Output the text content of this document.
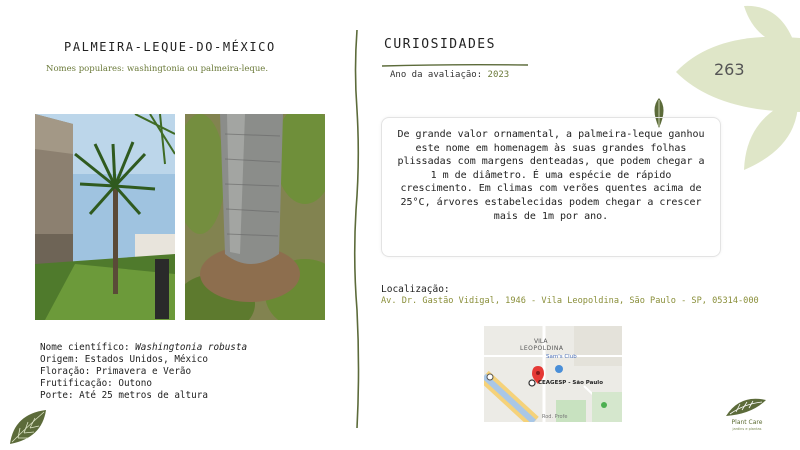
PALMEIRA-LEQUE-DO-MÉXICO
Nomes populares: washingtonia ou palmeira-leque.
Nome científico: Washingtonia robusta
Origem: Estados Unidos, México
Floração: Primavera e Verão
Frutificação: Outono
Porte: Até 25 metros de altura
CURIOSIDADES
Ano da avaliação: 2023	263

De grande valor ornamental, a palmeira-leque ganhou este nome em homenagem às suas grandes folhas plissadas com margens denteadas, que podem chegar a 1 m de diâmetro. É uma espécie de rápido crescimento. Em climas com verões quentes acima de 25°C, árvores estabelecidas podem chegar a crescer mais de 1m por ano.

Localização:
Av. Dr. Gastão Vidigal, 1946 - Vila Leopoldina, São Paulo - SP, 05314-000
VILA
LEOPOLDINA
Sam's Club
CEAGESP - São Paulo
Rod. Profe
Plant Care
jardins e plantas
